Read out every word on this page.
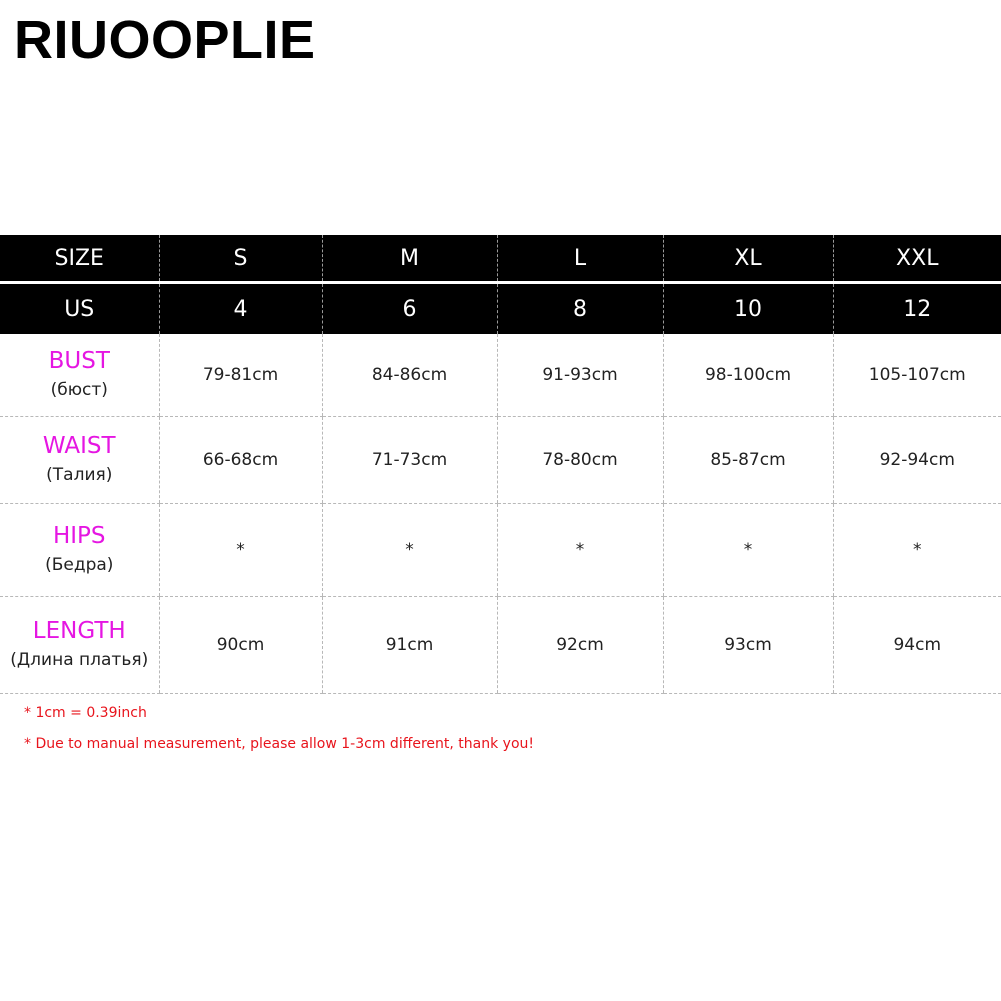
RIUOOPLIE
SIZE	S	M	L	XL	XXL
US	4	6	8	10	12

BUST
(бюст)	79-81cm	84-86cm	91-93cm	98-100cm	105-107cm

WAIST
(Талия)	66-68cm	71-73cm	78-80cm	85-87cm	92-94cm

HIPS
(Бедра)	*	*	*	*	*

LENGTH
(Длина платья)	90cm	91cm	92cm	93cm	94cm

* 1cm = 0.39inch

* Due to manual measurement, please allow 1-3cm different, thank you!
